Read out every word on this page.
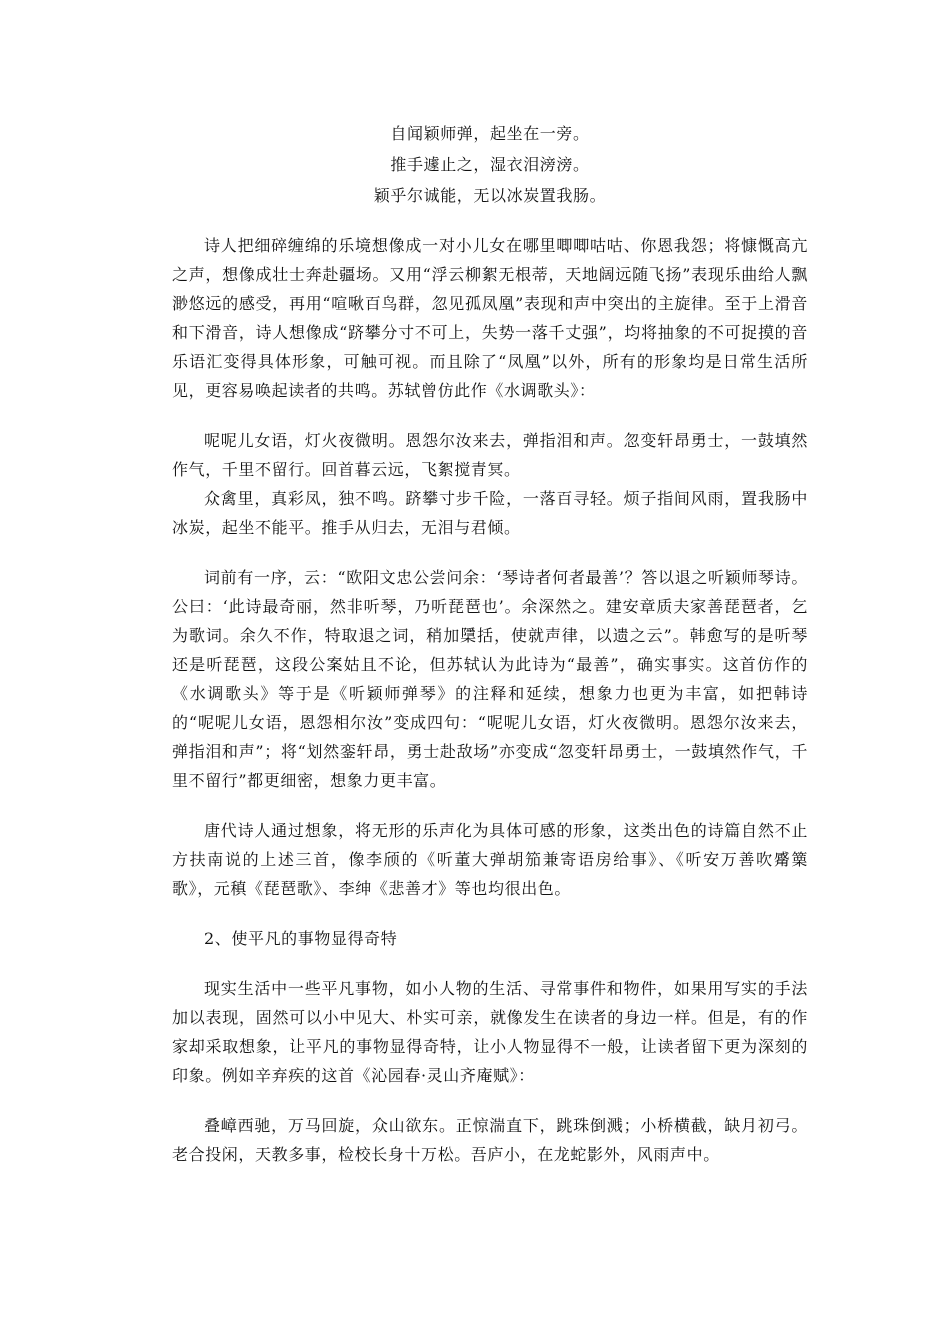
自闻颖师弹，起坐在一旁。
推手遽止之，湿衣泪滂滂。
颖乎尔诚能，无以冰炭置我肠。

诗人把细碎缠绵的乐境想像成一对小儿女在哪里唧唧咕咕、你恩我怨；将慷慨高亢之声，想像成壮士奔赴疆场。又用“浮云柳絮无根蒂，天地阔远随飞扬”表现乐曲给人飘渺悠远的感受，再用“喧啾百鸟群，忽见孤凤凰”表现和声中突出的主旋律。至于上滑音和下滑音，诗人想像成“跻攀分寸不可上，失势一落千丈强”，均将抽象的不可捉摸的音乐语汇变得具体形象，可触可视。而且除了“凤凰”以外，所有的形象均是日常生活所见，更容易唤起读者的共鸣。苏轼曾仿此作《水调歌头》：

呢呢儿女语，灯火夜微明。恩怨尔汝来去，弹指泪和声。忽变轩昂勇士，一鼓填然作气，千里不留行。回首暮云远，飞絮搅青冥。

众禽里，真彩凤，独不鸣。跻攀寸步千险，一落百寻轻。烦子指间风雨，置我肠中冰炭，起坐不能平。推手从归去，无泪与君倾。

词前有一序，云：“欧阳文忠公尝问余：‘琴诗者何者最善’？答以退之听颖师琴诗。公曰：‘此诗最奇丽，然非听琴，乃听琵琶也’。余深然之。建安章质夫家善琵琶者，乞为歌词。余久不作，特取退之词，稍加檃括，使就声律，以遗之云”。韩愈写的是听琴还是听琵琶，这段公案姑且不论，但苏轼认为此诗为“最善”，确实事实。这首仿作的《水调歌头》等于是《听颖师弹琴》的注释和延续，想象力也更为丰富，如把韩诗的“呢呢儿女语，恩怨相尔汝”变成四句：“呢呢儿女语，灯火夜微明。恩怨尔汝来去，弹指泪和声”；将“划然銮轩昂，勇士赴敌场”亦变成“忽变轩昂勇士，一鼓填然作气，千里不留行”都更细密，想象力更丰富。

唐代诗人通过想象，将无形的乐声化为具体可感的形象，这类出色的诗篇自然不止方扶南说的上述三首，像李颀的《听董大弹胡笳兼寄语房给事》、《听安万善吹觱篥歌》，元稹《琵琶歌》、李绅《悲善才》等也均很出色。

2、使平凡的事物显得奇特

现实生活中一些平凡事物，如小人物的生活、寻常事件和物件，如果用写实的手法加以表现，固然可以小中见大、朴实可亲，就像发生在读者的身边一样。但是，有的作家却采取想象，让平凡的事物显得奇特，让小人物显得不一般，让读者留下更为深刻的印象。例如辛弃疾的这首《沁园春·灵山齐庵赋》：

叠嶂西驰，万马回旋，众山欲东。正惊湍直下，跳珠倒溅；小桥横截，缺月初弓。老合投闲，天教多事，检校长身十万松。吾庐小，在龙蛇影外，风雨声中。
